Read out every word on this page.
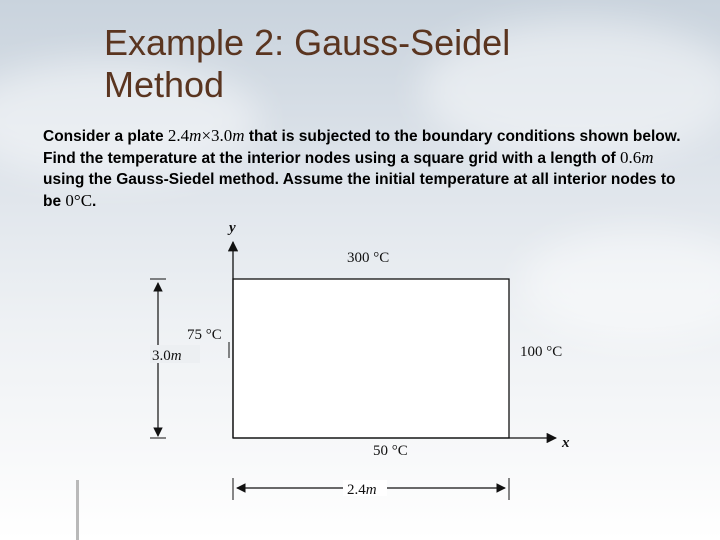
Example 2: Gauss-Seidel Method
Consider a plate 2.4m×3.0m that is subjected to the boundary conditions shown below. Find the temperature at the interior nodes using a square grid with a length of 0.6m using the Gauss-Siedel method. Assume the initial temperature at all interior nodes to be 0°C.
y
x
300 °C
75 °C
100 °C
50 °C
3.0m
2.4m
